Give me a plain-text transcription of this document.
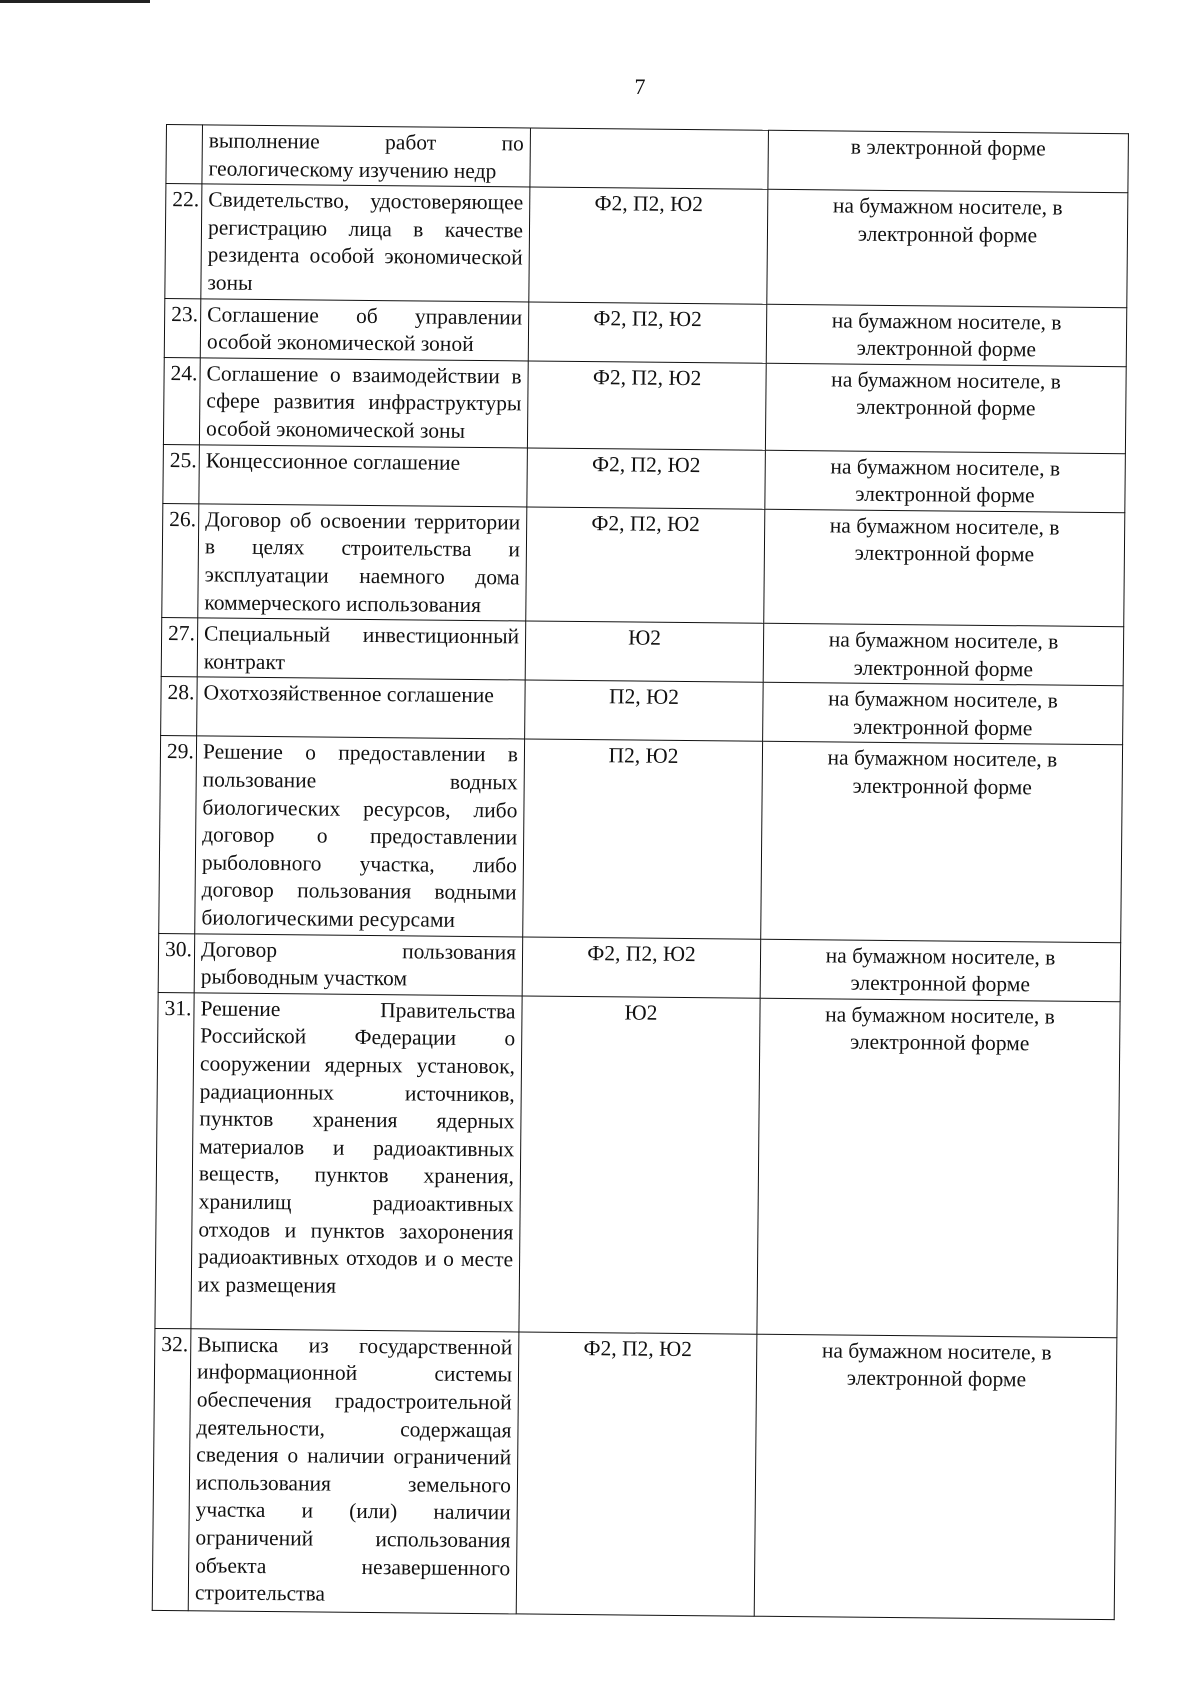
7
	выполнение работ по геологическому изучению недр		в электронной форме
22.	Свидетельство, удостоверяющее регистрацию лица в качестве резидента особой экономической зоны	Ф2, П2, Ю2	на бумажном носителе, в электронной форме
23.	Соглашение об управлении особой экономической зоной	Ф2, П2, Ю2	на бумажном носителе, в электронной форме
24.	Соглашение о взаимодействии в сфере развития инфраструктуры особой экономической зоны	Ф2, П2, Ю2	на бумажном носителе, в электронной форме
25.	Концессионное соглашение	Ф2, П2, Ю2	на бумажном носителе, в электронной форме
26.	Договор об освоении территории в целях строительства и эксплуатации наемного дома коммерческого использования	Ф2, П2, Ю2	на бумажном носителе, в электронной форме
27.	Специальный инвестиционный контракт	Ю2	на бумажном носителе, в электронной форме
28.	Охотхозяйственное соглашение	П2, Ю2	на бумажном носителе, в электронной форме
29.	Решение о предоставлении в пользование водных биологических ресурсов, либо договор о предоставлении рыболовного участка, либо договор пользования водными биологическими ресурсами	П2, Ю2	на бумажном носителе, в электронной форме
30.	Договор пользования рыбоводным участком	Ф2, П2, Ю2	на бумажном носителе, в электронной форме
31.	Решение Правительства Российской Федерации о сооружении ядерных установок, радиационных источников, пунктов хранения ядерных материалов и радиоактивных веществ, пунктов хранения, хранилищ радиоактивных отходов и пунктов захоронения радиоактивных отходов и о месте их размещения	Ю2	на бумажном носителе, в электронной форме
32.	Выписка из государственной информационной системы обеспечения градостроительной деятельности, содержащая сведения о наличии ограничений использования земельного участка и (или) наличии ограничений использования объекта незавершенного строительства	Ф2, П2, Ю2	на бумажном носителе, в электронной форме
